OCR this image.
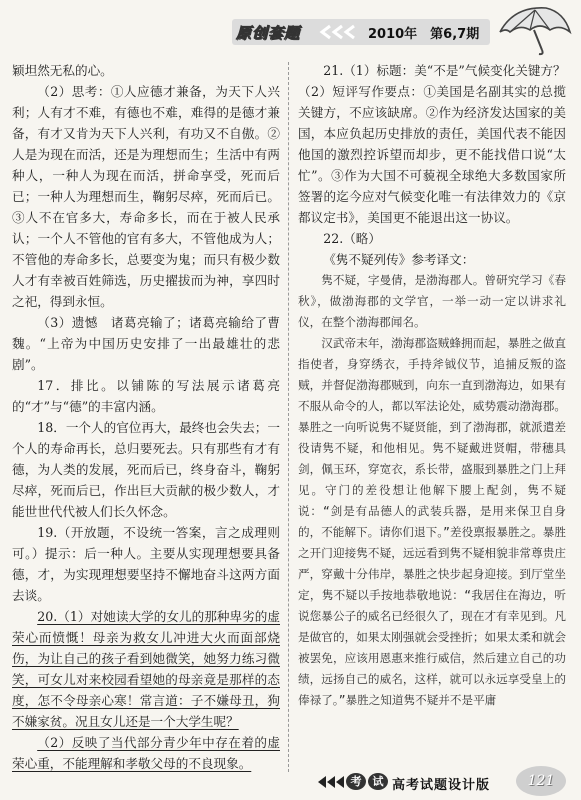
原创套题	2010年　第6,7期

颖坦然无私的心。

（2）思考：①人应德才兼备，为天下人兴利；人有才不难，有德也不难，难得的是德才兼备，有才又肯为天下人兴利，有功又不自傲。②人是为现在而活，还是为理想而生；生活中有两种人，一种人为现在而活，拼命享受，死而后已；一种人为理想而生，鞠躬尽瘁，死而后已。③人不在官多大，寿命多长，而在于被人民承认；一个人不管他的官有多大，不管他成为人；不管他的寿命多长，总要变为鬼；而只有极少数人才有幸被百姓筛选，历史擢拔而为神，享四时之祀，得到永恒。

（3）遗憾　诸葛亮输了；诸葛亮输给了曹魏。“上帝为中国历史安排了一出最雄壮的悲剧”。

17．排比。以铺陈的写法展示诸葛亮的“才”与“德”的丰富内涵。

18．一个人的官位再大，最终也会失去；一个人的寿命再长，总归要死去。只有那些有才有德，为人类的发展，死而后已，终身奋斗，鞠躬尽瘁，死而后已，作出巨大贡献的极少数人，才能世世代代被人们长久怀念。

19.（开放题，不设统一答案，言之成理则可。）提示：后一种人。主要从实现理想要具备德，才，为实现理想要坚持不懈地奋斗这两方面去谈。

20.（1）对她读大学的女儿的那种卑劣的虚荣心而愤慨！母亲为救女儿冲进大火而面部烧伤，为让自己的孩子看到她微笑，她努力练习微笑，可女儿对来校园看望她的母亲竟是那样的态度，怎不令母亲心寒！常言道：子不嫌母丑，狗不嫌家贫。况且女儿还是一个大学生呢？

（2）反映了当代部分青少年中存在着的虚荣心重，不能理解和孝敬父母的不良现象。

21.（1）标题：美“不是”气候变化关键方？

（2）短评写作要点：①美国是名副其实的总揽关键方，不应该缺席。②作为经济发达国家的美国，本应负起历史排放的责任，美国代表不能因他国的激烈控诉望而却步，更不能找借口说“太忙”。③作为大国不可藐视全球绝大多数国家所签署的迄今应对气候变化唯一有法律效力的《京都议定书》，美国更不能退出这一协议。

22.（略）

《隽不疑列传》参考译文：

隽不疑，字曼倩，是渤海郡人。曾研究学习《春秋》，做渤海郡的文学官，一举一动一定以讲求礼仪，在整个渤海郡闻名。

汉武帝末年，渤海郡盗贼蜂拥而起，暴胜之做直指使者，身穿绣衣，手持斧钺仪节，追捕反叛的盗贼，并督促渤海郡贼到，向东一直到渤海边，如果有不服从命令的人，都以军法论处，威势震动渤海郡。暴胜之一向听说隽不疑贤能，到了渤海郡，就派遣差役请隽不疑，和他相见。隽不疑戴进贤帽，带穗具剑，佩玉环，穿宽衣，系长带，盛服到暴胜之门上拜见。守门的差役想让他解下腰上配剑，隽不疑说：“剑是有品德人的武装兵器，是用来保卫自身的，不能解下。请你们退下。”差役禀报暴胜之。暴胜之开门迎接隽不疑，远远看到隽不疑相貌非常尊贵庄严，穿戴十分伟岸，暴胜之快步起身迎接。到厅堂坐定，隽不疑以手按地恭敬地说：“我居住在海边，听说您暴公子的威名已经很久了，现在才有幸见到。凡是做官的，如果太刚强就会受挫折；如果太柔和就会被罢免，应该用恩惠来推行威信，然后建立自己的功绩，远扬自己的威名，这样，就可以永远享受皇上的俸禄了。”暴胜之知道隽不疑并不是平庸

考	试 高考试题设计版	121
